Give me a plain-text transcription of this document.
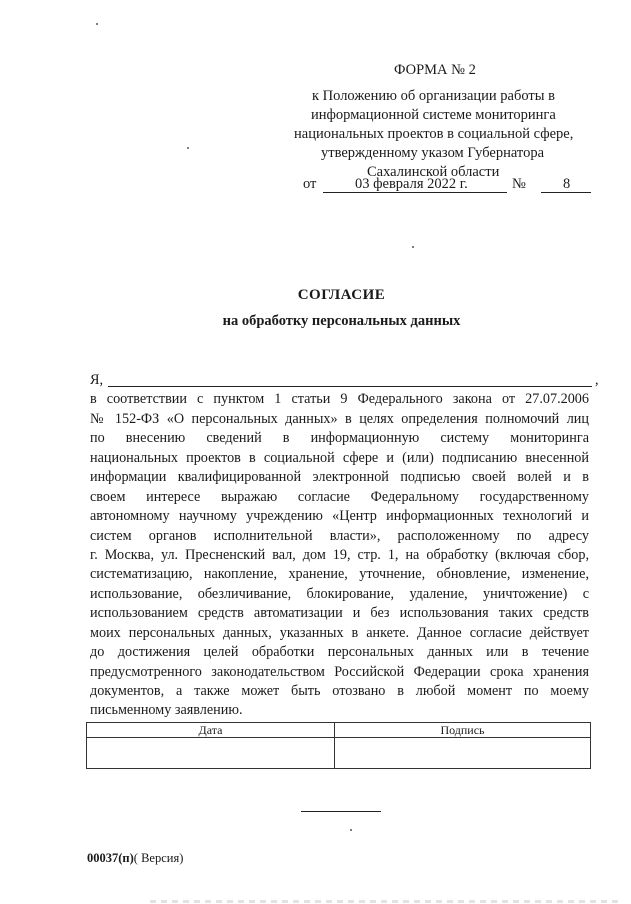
ФОРМА № 2
к Положению об организации работы в
информационной системе мониторинга
национальных проектов в социальной сфере,
утвержденному указом Губернатора
Сахалинской области
от	03 февраля 2022 г.	№	8
СОГЛАСИЕ
на обработку персональных данных
Я,	,
в соответствии с пунктом 1 статьи 9 Федерального закона от 27.07.2006
№ 152-ФЗ «О персональных данных» в целях определения полномочий лиц
по внесению сведений в информационную систему мониторинга
национальных проектов в социальной сфере и (или) подписанию внесенной
информации квалифицированной электронной подписью своей волей и в
своем интересе выражаю согласие Федеральному государственному
автономному научному учреждению «Центр информационных технологий и
систем органов исполнительной власти», расположенному по адресу
г. Москва, ул. Пресненский вал, дом 19, стр. 1, на обработку (включая сбор,
систематизацию, накопление, хранение, уточнение, обновление, изменение,
использование, обезличивание, блокирование, удаление, уничтожение) с
использованием средств автоматизации и без использования таких средств
моих персональных данных, указанных в анкете. Данное согласие действует
до достижения целей обработки персональных данных или в течение
предусмотренного законодательством Российской Федерации срока хранения
документов, а также может быть отозвано в любой момент по моему
письменному заявлению.
Дата	Подпись

00037(п)( Версия)
